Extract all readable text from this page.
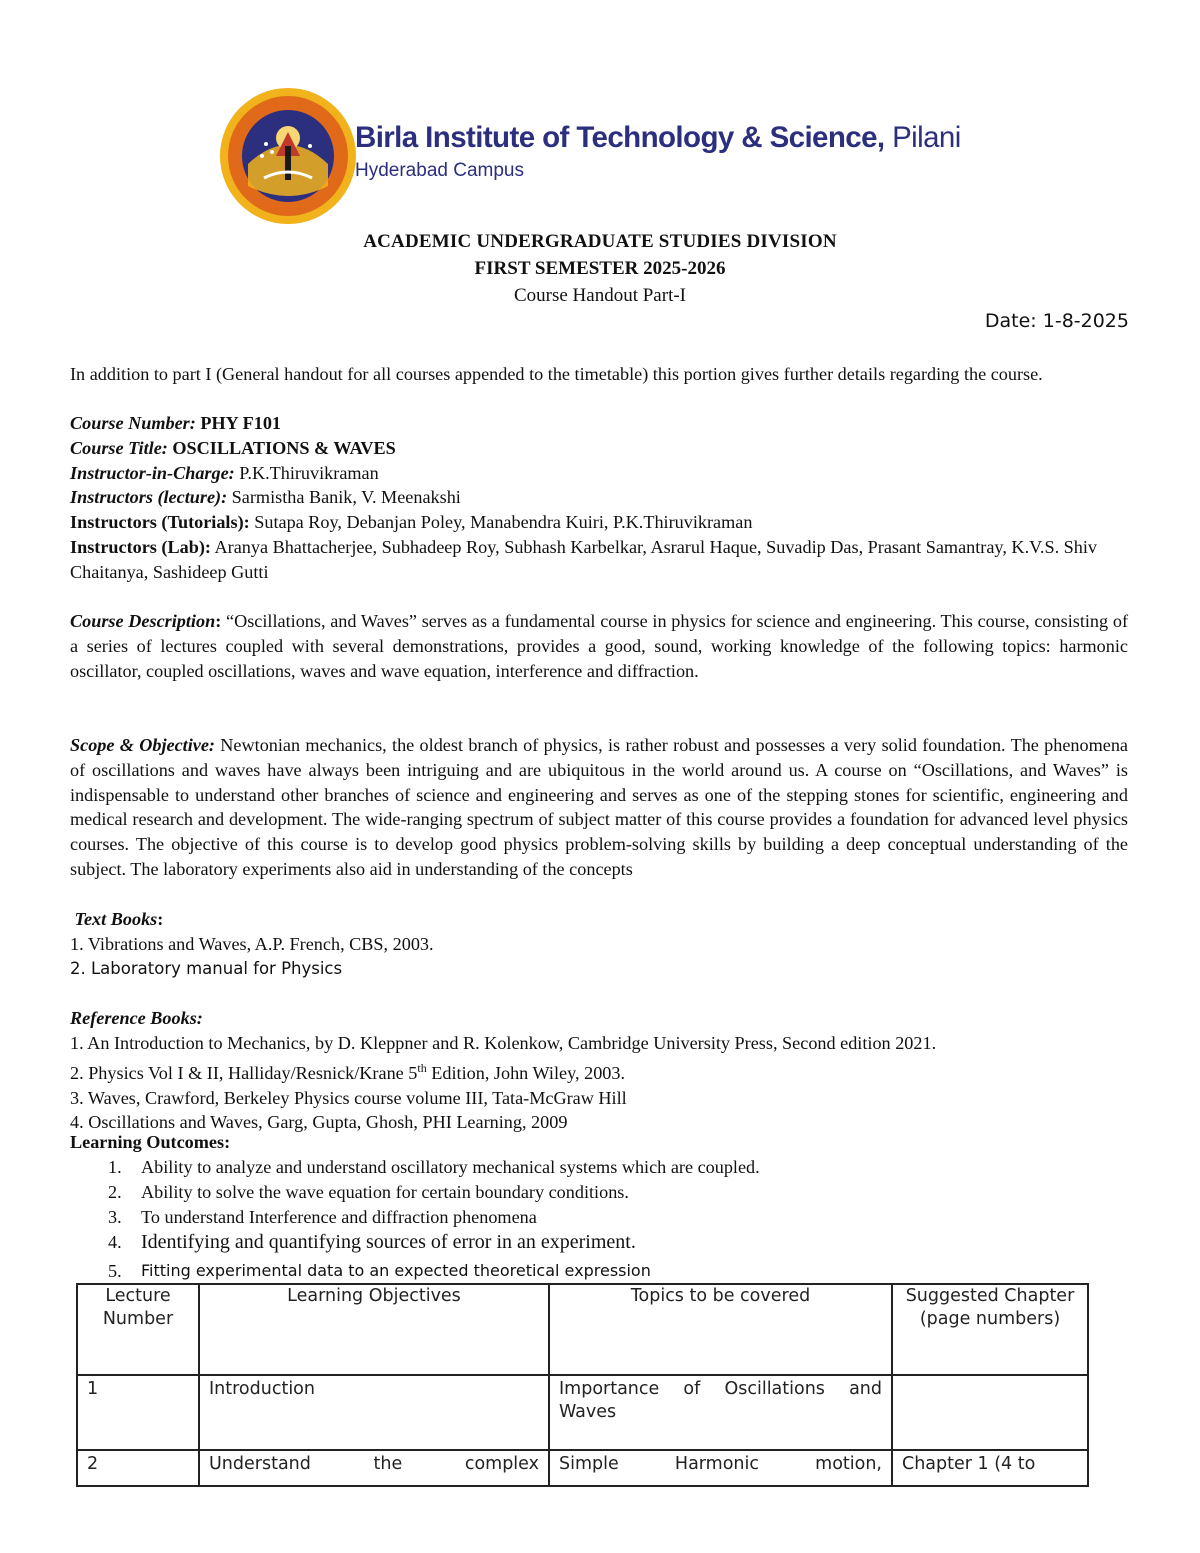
Birla Institute of Technology & Science, Pilani
Hyderabad Campus
ACADEMIC UNDERGRADUATE STUDIES DIVISION
FIRST SEMESTER 2025-2026
Course Handout Part-I
Date: 1-8-2025
In addition to part I (General handout for all courses appended to the timetable) this portion gives further details regarding the course.
Course Number: PHY F101
Course Title: OSCILLATIONS & WAVES
Instructor-in-Charge: P.K.Thiruvikraman
Instructors (lecture): Sarmistha Banik, V. Meenakshi
Instructors (Tutorials): Sutapa Roy, Debanjan Poley, Manabendra Kuiri, P.K.Thiruvikraman
Instructors (Lab): Aranya Bhattacherjee, Subhadeep Roy, Subhash Karbelkar, Asrarul Haque, Suvadip Das, Prasant Samantray, K.V.S. Shiv Chaitanya, Sashideep Gutti
Course Description: “Oscillations, and Waves” serves as a fundamental course in physics for science and engineering. This course, consisting of a series of lectures coupled with several demonstrations, provides a good, sound, working knowledge of the following topics: harmonic oscillator, coupled oscillations, waves and wave equation, interference and diffraction.
Scope & Objective: Newtonian mechanics, the oldest branch of physics, is rather robust and possesses a very solid foundation. The phenomena of oscillations and waves have always been intriguing and are ubiquitous in the world around us. A course on “Oscillations, and Waves” is indispensable to understand other branches of science and engineering and serves as one of the stepping stones for scientific, engineering and medical research and development. The wide-ranging spectrum of subject matter of this course provides a foundation for advanced level physics courses. The objective of this course is to develop good physics problem-solving skills by building a deep conceptual understanding of the subject. The laboratory experiments also aid in understanding of the concepts
Text Books:
1. Vibrations and Waves, A.P. French, CBS, 2003.
2. Laboratory manual for Physics

Reference Books:
1. An Introduction to Mechanics, by D. Kleppner and R. Kolenkow, Cambridge University Press, Second edition 2021.
2. Physics Vol I & II, Halliday/Resnick/Krane 5th Edition, John Wiley, 2003.
3. Waves, Crawford, Berkeley Physics course volume III, Tata-McGraw Hill
4. Oscillations and Waves, Garg, Gupta, Ghosh, PHI Learning, 2009
Learning Outcomes:
1.	Ability to analyze and understand oscillatory mechanical systems which are coupled.
2.	Ability to solve the wave equation for certain boundary conditions.
3.	To understand Interference and diffraction phenomena
4. Identifying and quantifying sources of error in an experiment.
5.	Fitting experimental data to an expected theoretical expression
Lecture Number	Learning Objectives	Topics to be covered	Suggested Chapter (page numbers)
1	Introduction	Importance of Oscillations and Waves	
2	Understand the complex	Simple Harmonic motion,	Chapter 1 (4 to
